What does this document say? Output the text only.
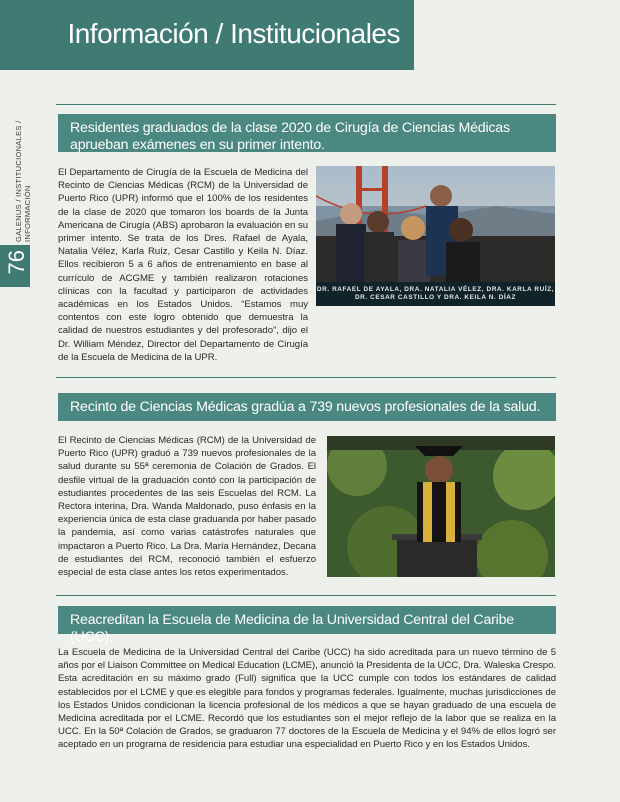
Información / Institucionales
GALENUS / INSTITUCIONALES / INFORMACIÓN
76
Residentes graduados de la clase 2020 de Cirugía de Ciencias Médicas aprueban exámenes en su primer intento.

El Departamento de Cirugía de la Escuela de Medicina del Recinto de Ciencias Médicas (RCM) de la Universidad de Puerto Rico (UPR) informó que el 100% de los residentes de la clase de 2020 que tomaron los boards de la Junta Americana de Cirugía (ABS) aprobaron la evaluación en su primer intento. Se trata de los Dres. Rafael de Ayala, Natalia Vélez, Karla Ruíz, Cesar Castillo y Keila N. Díaz. Ellos recibieron 5 a 6 años de entrenamiento en base al currículo de ACGME y también realizaron rotaciones clínicas con la facultad y participaron de actividades académicas en los Estados Unidos. “Estamos muy contentos con este logro obtenido que demuestra la calidad de nuestros estudiantes y del profesorado”, dijo el Dr. William Méndez, Director del Departamento de Cirugía de la Escuela de Medicina de la UPR.

DR. RAFAEL DE AYALA, DRA. NATALIA VÉLEZ, DRA. KARLA RUÍZ, DR. CESAR CASTILLO Y DRA. KEILA N. DÍAZ
Recinto de Ciencias Médicas gradúa a 739 nuevos profesionales de la salud.

El Recinto de Ciencias Médicas (RCM) de la Universidad de Puerto Rico (UPR) graduó a 739 nuevos profesionales de la salud durante su 55ª ceremonia de Colación de Grados. El desfile virtual de la graduación contó con la participación de estudiantes procedentes de las seis Escuelas del RCM. La Rectora interina, Dra. Wanda Maldonado, puso énfasis en la experiencia única de esta clase graduanda por haber pasado la pandemia, así como varias catástrofes naturales que impactaron a Puerto Rico. La Dra. María Hernández, Decana de estudiantes del RCM, reconoció también el esfuerzo especial de esta clase antes los retos experimentados.

Reacreditan la Escuela de Medicina de la Universidad Central del Caribe (UCC).

La Escuela de Medicina de la Universidad Central del Caribe (UCC) ha sido acreditada para un nuevo término de 5 años por el Liaison Committee on Medical Education (LCME), anunció la Presidenta de la UCC, Dra. Waleska Crespo. Esta acreditación en su máximo grado (Full) significa que la UCC cumple con todos los estándares de calidad establecidos por el LCME y que es elegible para fondos y programas federales. Igualmente, muchas jurisdicciones de los Estados Unidos condicionan la licencia profesional de los médicos a que se hayan graduado de una escuela de Medicina acreditada por el LCME. Recordó que los estudiantes son el mejor reflejo de la labor que se realiza en la UCC. En la 50ª Colación de Grados, se graduaron 77 doctores de la Escuela de Medicina y el 94% de ellos logró ser aceptado en un programa de residencia para estudiar una especialidad en Puerto Rico y en los Estados Unidos.
